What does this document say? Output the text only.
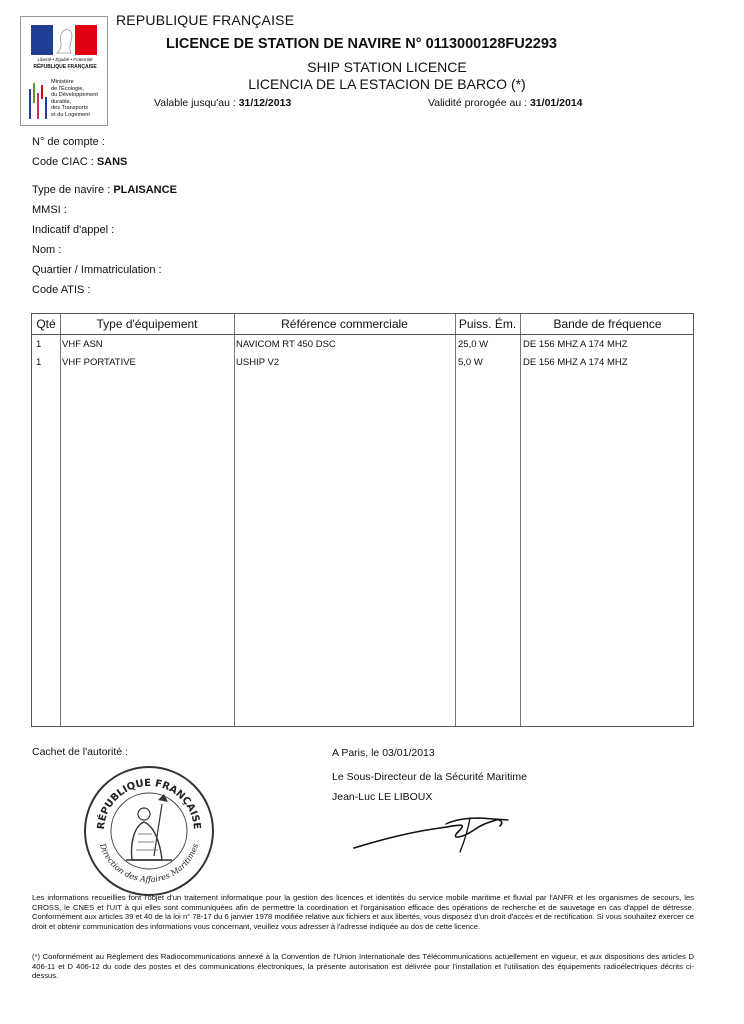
Liberté • Égalité • Fraternité
RÉPUBLIQUE FRANÇAISE
Ministère
de l'Écologie,
du Développement
durable,
des Transports
et du Logement
REPUBLIQUE FRANÇAISE
LICENCE DE STATION DE NAVIRE N° 0113000128FU2293
SHIP STATION LICENCE
LICENCIA DE LA ESTACION DE BARCO (*)
Valable jusqu'au : 31/12/2013	Validité prorogée au : 31/01/2014
N° de compte :
Code CIAC : SANS
Type de navire : PLAISANCE
MMSI :
Indicatif d'appel :
Nom :
Quartier / Immatriculation :
Code ATIS :
Qté	Type d'équipement	Référence commerciale	Puiss. Ém.	Bande de fréquence
1 VHF ASN	NAVICOM RT 450 DSC	25,0 W	DE 156 MHZ A 174 MHZ
1 VHF PORTATIVE	USHIP V2	5,0 W	DE 156 MHZ A 174 MHZ
Cachet de l'autorité :
RÉPUBLIQUE FRANÇAISE
Direction des Affaires Maritimes
A Paris, le 03/01/2013
Le Sous-Directeur de la Sécurité Maritime
Jean-Luc LE LIBOUX
Les informations recueillies font l'objet d'un traitement informatique pour la gestion des licences et identités du service mobile maritime et fluvial par l'ANFR et les organismes de secours, les CROSS, le CNES et l'UIT à qui elles sont communiquées afin de permettre la coordination et l'organisation efficace des opérations de recherche et de sauvetage en cas d'appel de détresse. Conformément aux articles 39 et 40 de la loi n° 78-17 du 6 janvier 1978 modifiée relative aux fichiers et aux libertés, vous disposez d'un droit d'accès et de rectification. Si vous souhaitez exercer ce droit et obtenir communication des informations vous concernant, veuillez vous adresser à l'adresse indiquée au dos de cette licence.
(*) Conformément au Règlement des Radiocommunications annexé à la Convention de l'Union Internationale des Télécommunications actuellement en vigueur, et aux dispositions des articles D 406-11 et D 406-12 du code des postes et des communications électroniques, la présente autorisation est délivrée pour l'installation et l'utilisation des équipements radioélectriques décrits ci-dessus.
